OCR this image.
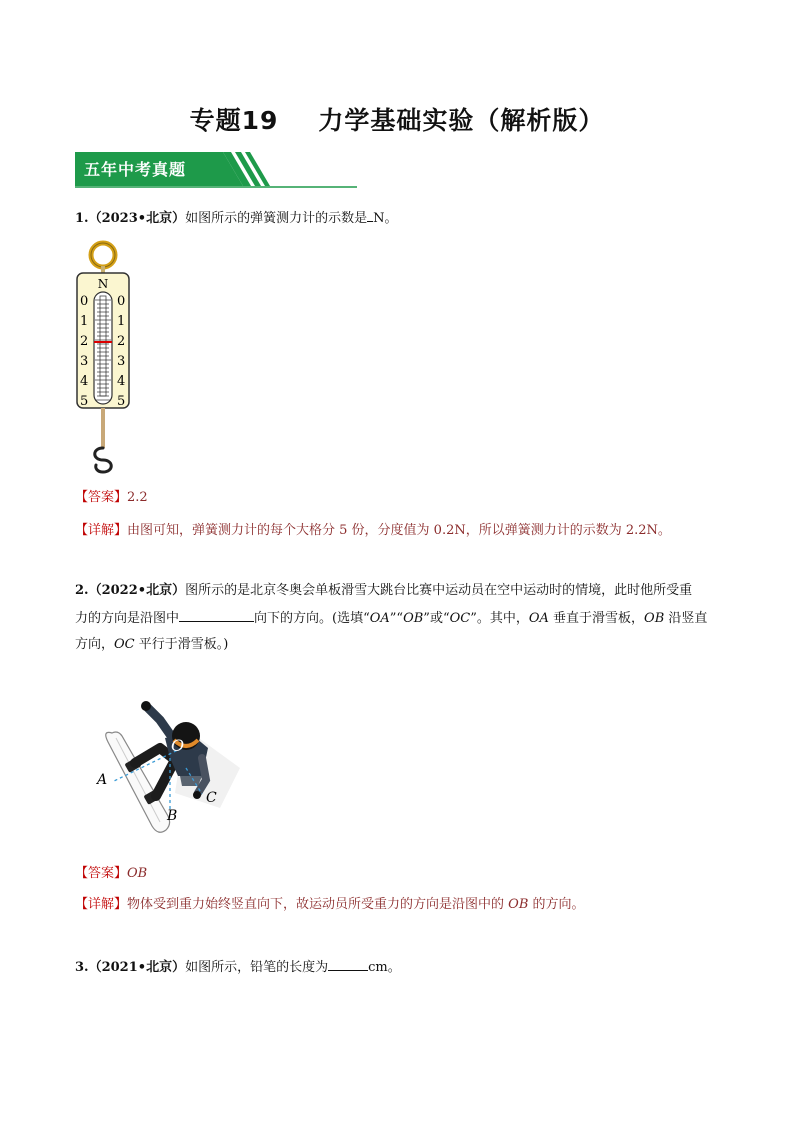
专题19 力学基础实验（解析版）
五年中考真题
1.（2023•北京）如图所示的弹簧测力计的示数是 N。
N
0
1
2
3
4
5
0
1
2
3
4
5
【答案】2.2
【详解】由图可知，弹簧测力计的每个大格分 5 份，分度值为 0.2N，所以弹簧测力计的示数为 2.2N。
2.（2022•北京）图所示的是北京冬奥会单板滑雪大跳台比赛中运动员在空中运动时的情境，此时他所受重
力的方向是沿图中	向下的方向。(选填“OA”“OB”或“OC”。其中，OA 垂直于滑雪板，OB 沿竖直
方向，OC 平行于滑雪板。)
O
A
B
C
【答案】OB
【详解】物体受到重力始终竖直向下，故运动员所受重力的方向是沿图中的 OB 的方向。
3.（2021•北京）如图所示，铅笔的长度为	cm。
